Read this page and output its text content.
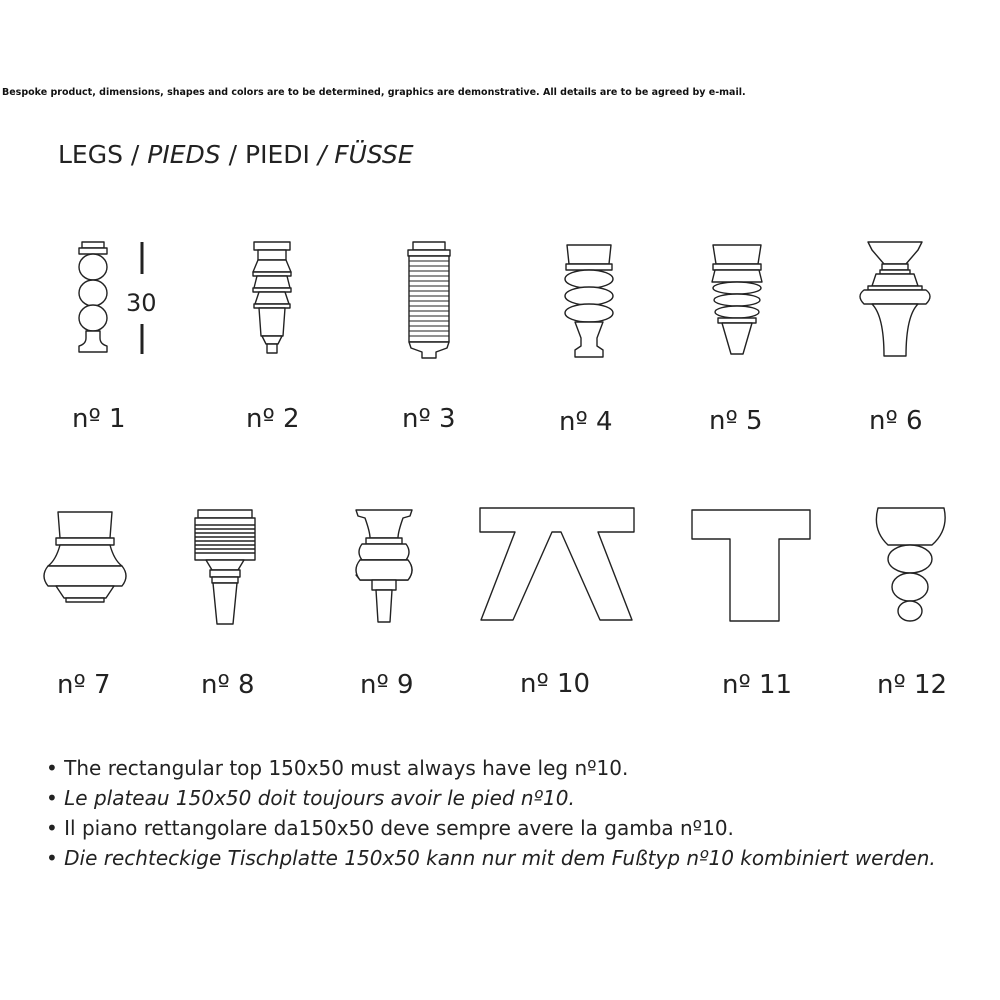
Bespoke product, dimensions, shapes and colors are to be determined, graphics are demonstrative. All details are to be agreed by e-mail.
LEGS / PIEDS / PIEDI / FÜSSE
30
nº 1	nº 2	nº 3	nº 4	nº 5	nº 6
nº 7	nº 8	nº 9	nº 10	nº 11	nº 12
• The rectangular top 150x50 must always have leg nº10.
• Le plateau 150x50 doit toujours avoir le pied nº10.
• Il piano rettangolare da150x50 deve sempre avere la gamba nº10.
• Die rechteckige Tischplatte 150x50 kann nur mit dem Fußtyp nº10 kombiniert werden.
